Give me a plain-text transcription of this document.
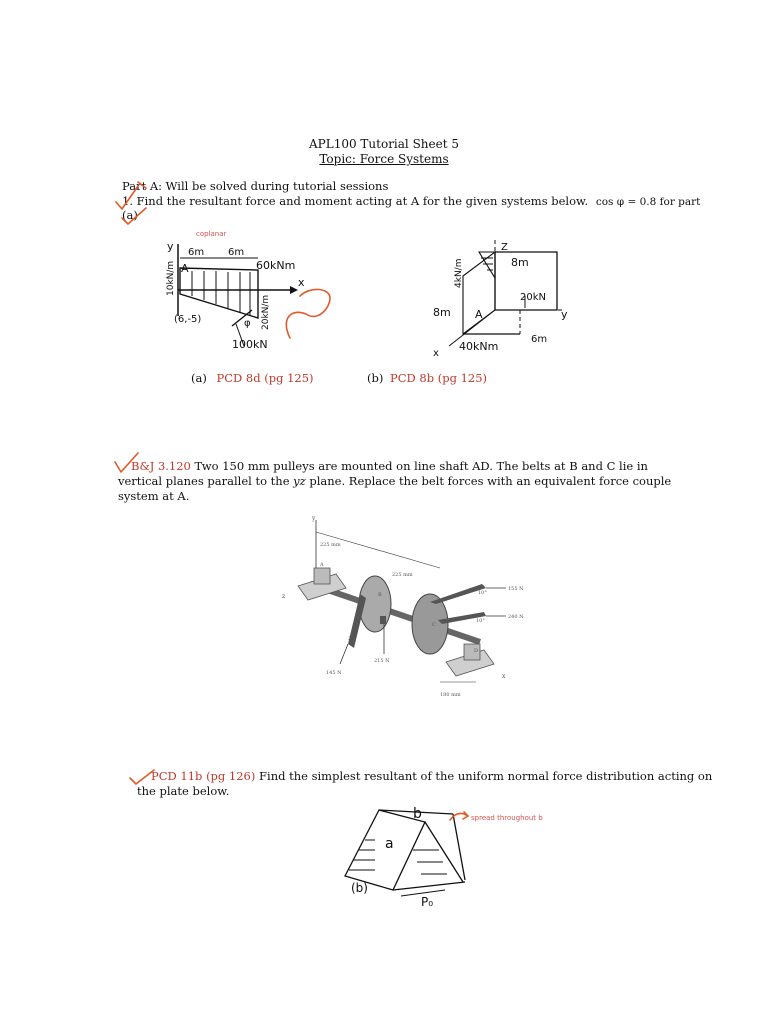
APL100 Tutorial Sheet 5
Topic: Force Systems
Part A: Will be solved during tutorial sessions
1. Find the resultant force and moment acting at A for the given systems below. cos φ = 0.8 for part
(a)
coplanar
y
x
A
6m 6m
60kNm
10kN/m
20kN/m
(6,-5)	φ
100kN
(a) PCD 8d (pg 125)
Z
4kN/m	8m
8m
20kN
A	y
6m
x
40kNm
(b) PCD 8b (pg 125)
B&J 3.120 Two 150 mm pulleys are mounted on line shaft AD. The belts at B and C lie in
vertical planes parallel to the yz plane. Replace the belt forces with an equivalent force couple
system at A.
y
z
x
A
B
C
D
225 mm
225 mm
180 mm
20°
10°
10°
155 N
240 N
145 N
215 N
PCD 11b (pg 126) Find the simplest resultant of the uniform normal force distribution acting on
the plate below.
b
a
(b)
P₀
spread throughout b
